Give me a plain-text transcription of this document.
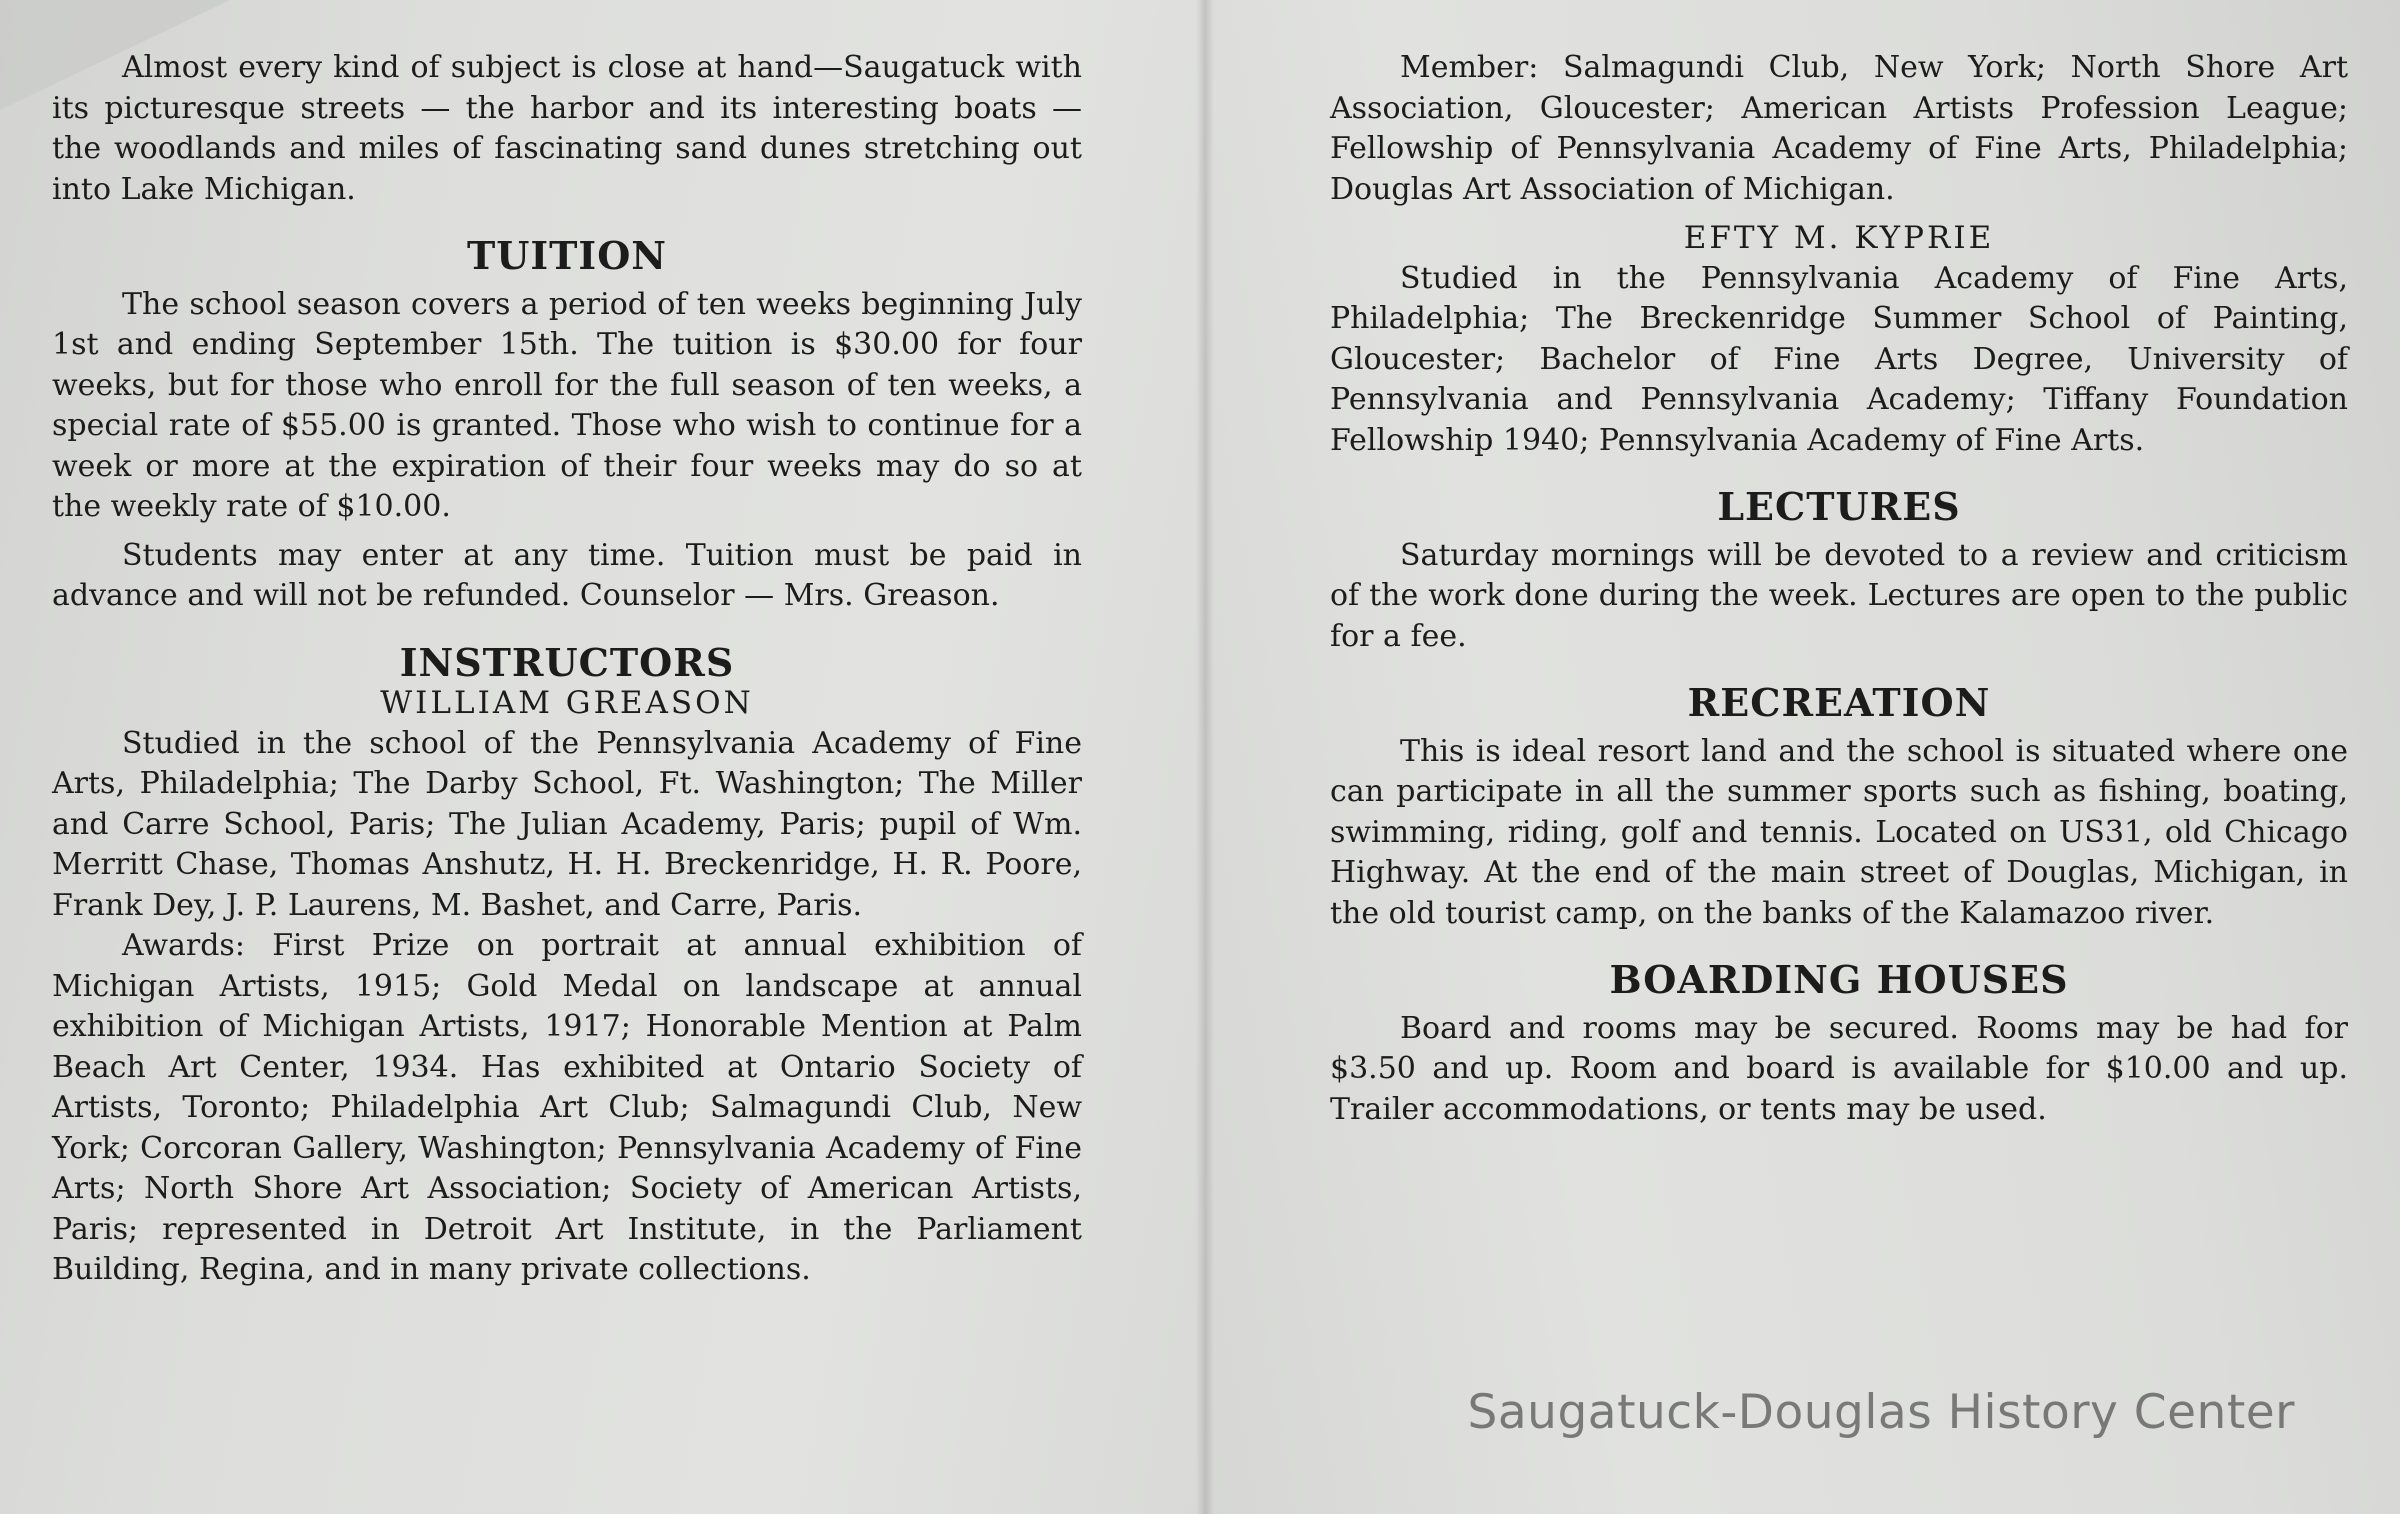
Almost every kind of subject is close at hand—Saugatuck with its picturesque streets — the harbor and its interesting boats — the woodlands and miles of fascinating sand dunes stretching out into Lake Michigan.

TUITION

The school season covers a period of ten weeks beginning July 1st and ending September 15th. The tuition is $30.00 for four weeks, but for those who enroll for the full season of ten weeks, a special rate of $55.00 is granted. Those who wish to continue for a week or more at the expiration of their four weeks may do so at the weekly rate of $10.00.

Students may enter at any time. Tuition must be paid in advance and will not be refunded. Counselor — Mrs. Greason.

INSTRUCTORS
WILLIAM GREASON

Studied in the school of the Pennsylvania Academy of Fine Arts, Philadelphia; The Darby School, Ft. Washington; The Miller and Carre School, Paris; The Julian Academy, Paris; pupil of Wm. Merritt Chase, Thomas Anshutz, H. H. Breckenridge, H. R. Poore, Frank Dey, J. P. Laurens, M. Bashet, and Carre, Paris.

Awards: First Prize on portrait at annual exhibition of Michigan Artists, 1915; Gold Medal on landscape at annual exhibition of Michigan Artists, 1917; Honorable Mention at Palm Beach Art Center, 1934. Has exhibited at Ontario Society of Artists, Toronto; Philadelphia Art Club; Salmagundi Club, New York; Corcoran Gallery, Washington; Pennsylvania Academy of Fine Arts; North Shore Art Association; Society of American Artists, Paris; represented in Detroit Art Institute, in the Parliament Building, Regina, and in many private collections.

Member: Salmagundi Club, New York; North Shore Art Association, Gloucester; American Artists Profession League; Fellowship of Pennsylvania Academy of Fine Arts, Philadelphia; Douglas Art Association of Michigan.

EFTY M. KYPRIE

Studied in the Pennsylvania Academy of Fine Arts, Philadelphia; The Breckenridge Summer School of Painting, Gloucester; Bachelor of Fine Arts Degree, University of Pennsylvania and Pennsylvania Academy; Tiffany Foundation Fellowship 1940; Pennsylvania Academy of Fine Arts.

LECTURES

Saturday mornings will be devoted to a review and criticism of the work done during the week. Lectures are open to the public for a fee.

RECREATION

This is ideal resort land and the school is situated where one can participate in all the summer sports such as fishing, boating, swimming, riding, golf and tennis. Located on US31, old Chicago Highway. At the end of the main street of Douglas, Michigan, in the old tourist camp, on the banks of the Kalamazoo river.

BOARDING HOUSES

Board and rooms may be secured. Rooms may be had for $3.50 and up. Room and board is available for $10.00 and up. Trailer accommodations, or tents may be used.

Saugatuck-Douglas History Center
